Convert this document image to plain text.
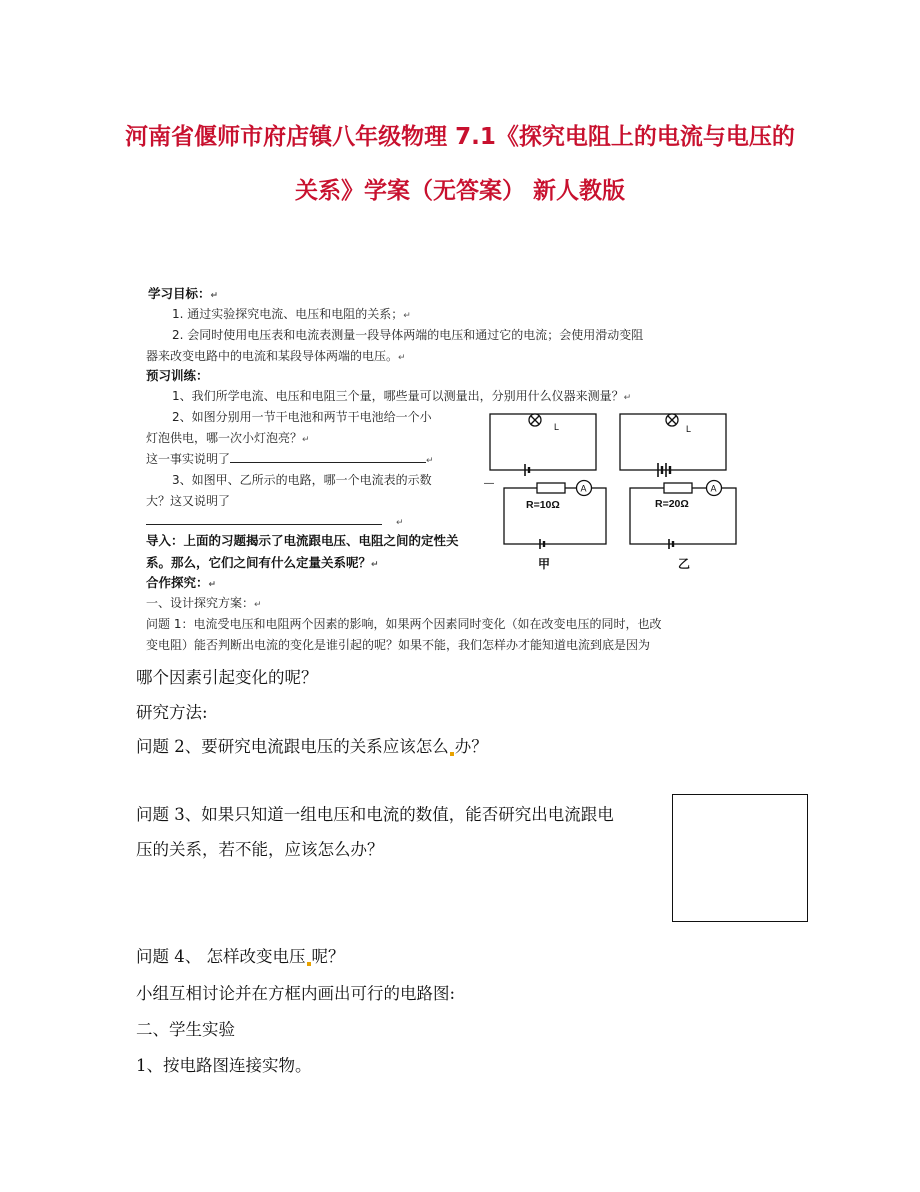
河南省偃师市府店镇八年级物理 7.1《探究电阻上的电流与电压的
关系》学案（无答案） 新人教版
学习目标：↵
1. 通过实验探究电流、电压和电阻的关系；↵
2. 会同时使用电压表和电流表测量一段导体两端的电压和通过它的电流；会使用滑动变阻
器来改变电路中的电流和某段导体两端的电压。↵
预习训练：
1、我们所学电流、电压和电阻三个量，哪些量可以测量出，分别用什么仪器来测量？↵
2、如图分别用一节干电池和两节干电池给一个小
灯泡供电，哪一次小灯泡亮？↵
这一事实说明了	↵
3、如图甲、乙所示的电路，哪一个电流表的示数
大？这又说明了
↵
导入：上面的习题揭示了电流跟电压、电阻之间的定性关
系。那么，它们之间有什么定量关系呢？↵
合作探究：↵
一、设计探究方案：↵
问题 1：电流受电压和电阻两个因素的影响，如果两个因素同时变化（如在改变电压的同时，也改
变电阻）能否判断出电流的变化是谁引起的呢？如果不能，我们怎样办才能知道电流到底是因为
L	L
A	A
R=10Ω	R=20Ω
甲	乙
—
哪个因素引起变化的呢？
研究方法:
问题 2、要研究电流跟电压的关系应该怎么 办？
问题 3、如果只知道一组电压和电流的数值，能否研究出电流跟电
压的关系，若不能，应该怎么办？
问题 4、 怎样改变电压 呢？
小组互相讨论并在方框内画出可行的电路图:
二、学生实验
1、按电路图连接实物。
